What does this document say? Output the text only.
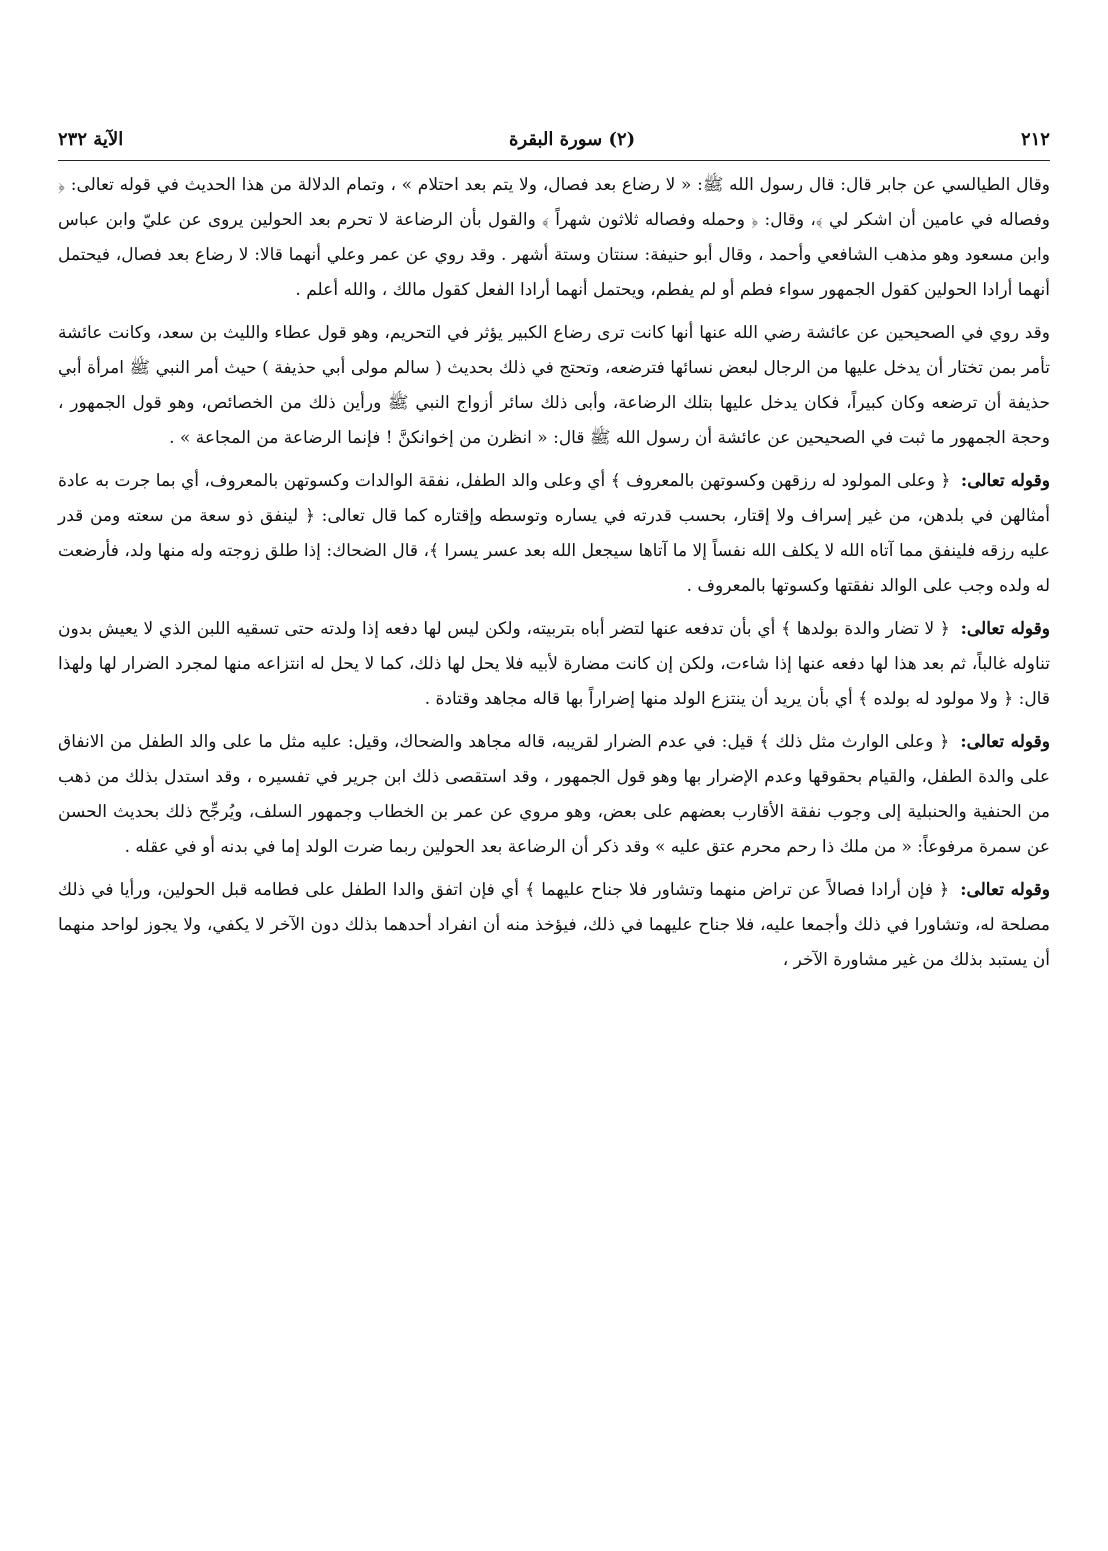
الآية ٢٣٢	(٢) سورة البقرة	٢١٢

وقال الطيالسي عن جابر قال: قال رسول الله ﷺ: « لا رضاع بعد فصال، ولا يتم بعد احتلام » ، وتمام الدلالة من هذا الحديث في قوله تعالى: ﴿ وفصاله في عامين أن اشكر لي ﴾، وقال: ﴿ وحمله وفصاله ثلاثون شهراً ﴾ والقول بأن الرضاعة لا تحرم بعد الحولين يروى عن عليّ وابن عباس وابن مسعود وهو مذهب الشافعي وأحمد ، وقال أبو حنيفة: سنتان وستة أشهر . وقد روي عن عمر وعلي أنهما قالا: لا رضاع بعد فصال، فيحتمل أنهما أرادا الحولين كقول الجمهور سواء فطم أو لم يفطم، ويحتمل أنهما أرادا الفعل كقول مالك ، والله أعلم .

وقد روي في الصحيحين عن عائشة رضي الله عنها أنها كانت ترى رضاع الكبير يؤثر في التحريم، وهو قول عطاء والليث بن سعد، وكانت عائشة تأمر بمن تختار أن يدخل عليها من الرجال لبعض نسائها فترضعه، وتحتج في ذلك بحديث ( سالم مولى أبي حذيفة ) حيث أمر النبي ﷺ امرأة أبي حذيفة أن ترضعه وكان كبيراً، فكان يدخل عليها بتلك الرضاعة، وأبى ذلك سائر أزواج النبي ﷺ ورأين ذلك من الخصائص، وهو قول الجمهور ، وحجة الجمهور ما ثبت في الصحيحين عن عائشة أن رسول الله ﷺ قال: « انظرن من إخوانكنَّ ! فإنما الرضاعة من المجاعة » .

وقوله تعالى: ﴿ وعلى المولود له رزقهن وكسوتهن بالمعروف ﴾ أي وعلى والد الطفل، نفقة الوالدات وكسوتهن بالمعروف، أي بما جرت به عادة أمثالهن في بلدهن، من غير إسراف ولا إقتار، بحسب قدرته في يساره وتوسطه وإقتاره كما قال تعالى: ﴿ لينفق ذو سعة من سعته ومن قدر عليه رزقه فلينفق مما آتاه الله لا يكلف الله نفساً إلا ما آتاها سيجعل الله بعد عسر يسرا ﴾، قال الضحاك: إذا طلق زوجته وله منها ولد، فأرضعت له ولده وجب على الوالد نفقتها وكسوتها بالمعروف .

وقوله تعالى: ﴿ لا تضار والدة بولدها ﴾ أي بأن تدفعه عنها لتضر أباه بتربيته، ولكن ليس لها دفعه إذا ولدته حتى تسقيه اللبن الذي لا يعيش بدون تناوله غالباً، ثم بعد هذا لها دفعه عنها إذا شاءت، ولكن إن كانت مضارة لأبيه فلا يحل لها ذلك، كما لا يحل له انتزاعه منها لمجرد الضرار لها ولهذا قال: ﴿ ولا مولود له بولده ﴾ أي بأن يريد أن ينتزع الولد منها إضراراً بها قاله مجاهد وقتادة .

وقوله تعالى: ﴿ وعلى الوارث مثل ذلك ﴾ قيل: في عدم الضرار لقريبه، قاله مجاهد والضحاك، وقيل: عليه مثل ما على والد الطفل من الانفاق على والدة الطفل، والقيام بحقوقها وعدم الإضرار بها وهو قول الجمهور ، وقد استقصى ذلك ابن جرير في تفسيره ، وقد استدل بذلك من ذهب من الحنفية والحنبلية إلى وجوب نفقة الأقارب بعضهم على بعض، وهو مروي عن عمر بن الخطاب وجمهور السلف، ويُرجِّح ذلك بحديث الحسن عن سمرة مرفوعاً: « من ملك ذا رحم محرم عتق عليه » وقد ذكر أن الرضاعة بعد الحولين ربما ضرت الولد إما في بدنه أو في عقله .

وقوله تعالى: ﴿ فإن أرادا فصالاً عن تراض منهما وتشاور فلا جناح عليهما ﴾ أي فإن اتفق والدا الطفل على فطامه قبل الحولين، ورأيا في ذلك مصلحة له، وتشاورا في ذلك وأجمعا عليه، فلا جناح عليهما في ذلك، فيؤخذ منه أن انفراد أحدهما بذلك دون الآخر لا يكفي، ولا يجوز لواحد منهما أن يستبد بذلك من غير مشاورة الآخر ،
